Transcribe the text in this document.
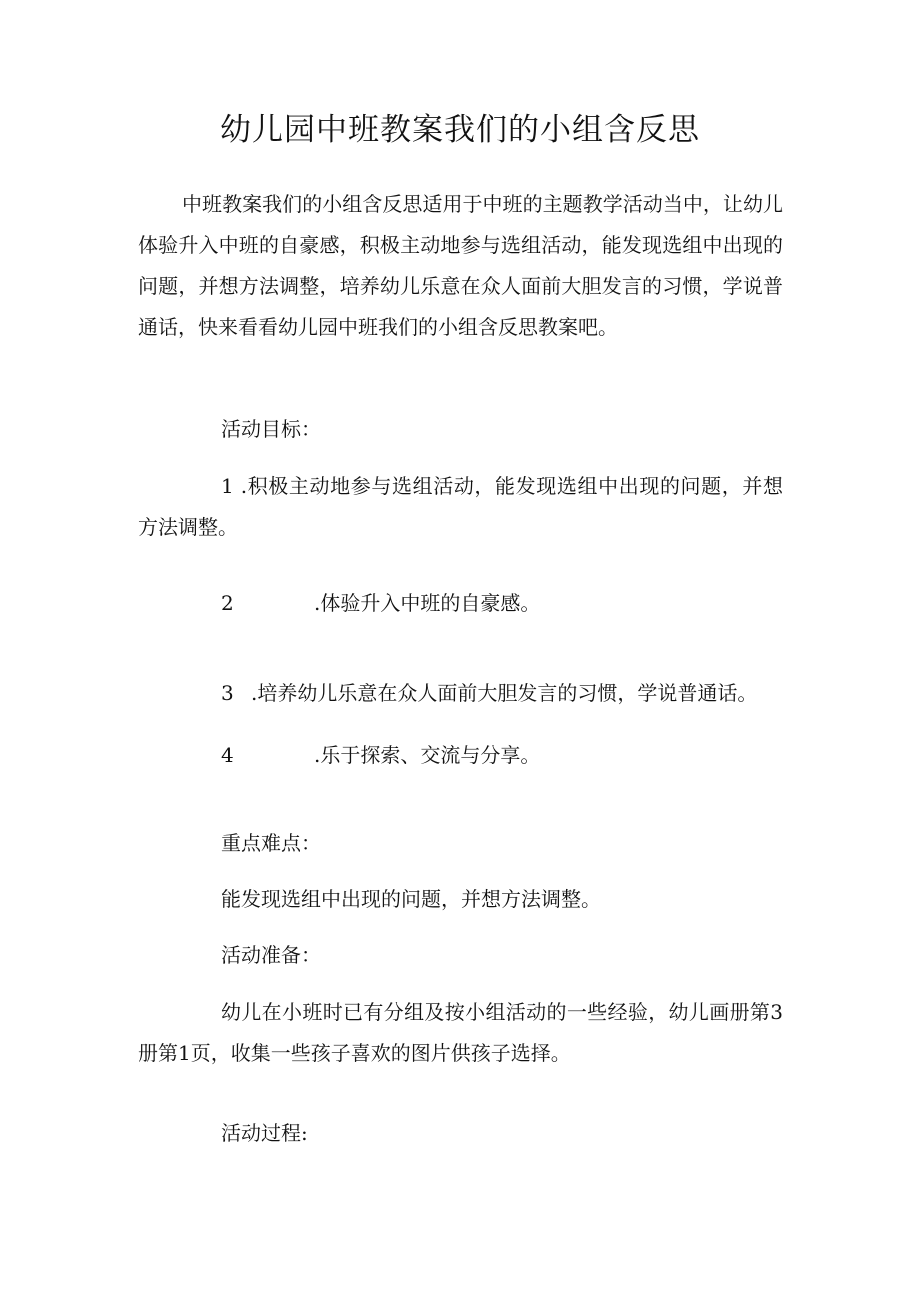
幼儿园中班教案我们的小组含反思

中班教案我们的小组含反思适用于中班的主题教学活动当中，让幼儿体验升入中班的自豪感，积极主动地参与选组活动，能发现选组中出现的问题，并想方法调整，培养幼儿乐意在众人面前大胆发言的习惯，学说普通话，快来看看幼儿园中班我们的小组含反思教案吧。

活动目标：

1 .积极主动地参与选组活动，能发现选组中出现的问题，并想方法调整。
2	.体验升入中班的自豪感。
3 .培养幼儿乐意在众人面前大胆发言的习惯，学说普通话。
4	.乐于探索、交流与分享。

重点难点：

能发现选组中出现的问题，并想方法调整。

活动准备：

幼儿在小班时已有分组及按小组活动的一些经验，幼儿画册第3册第1页，收集一些孩子喜欢的图片供孩子选择。

活动过程:
